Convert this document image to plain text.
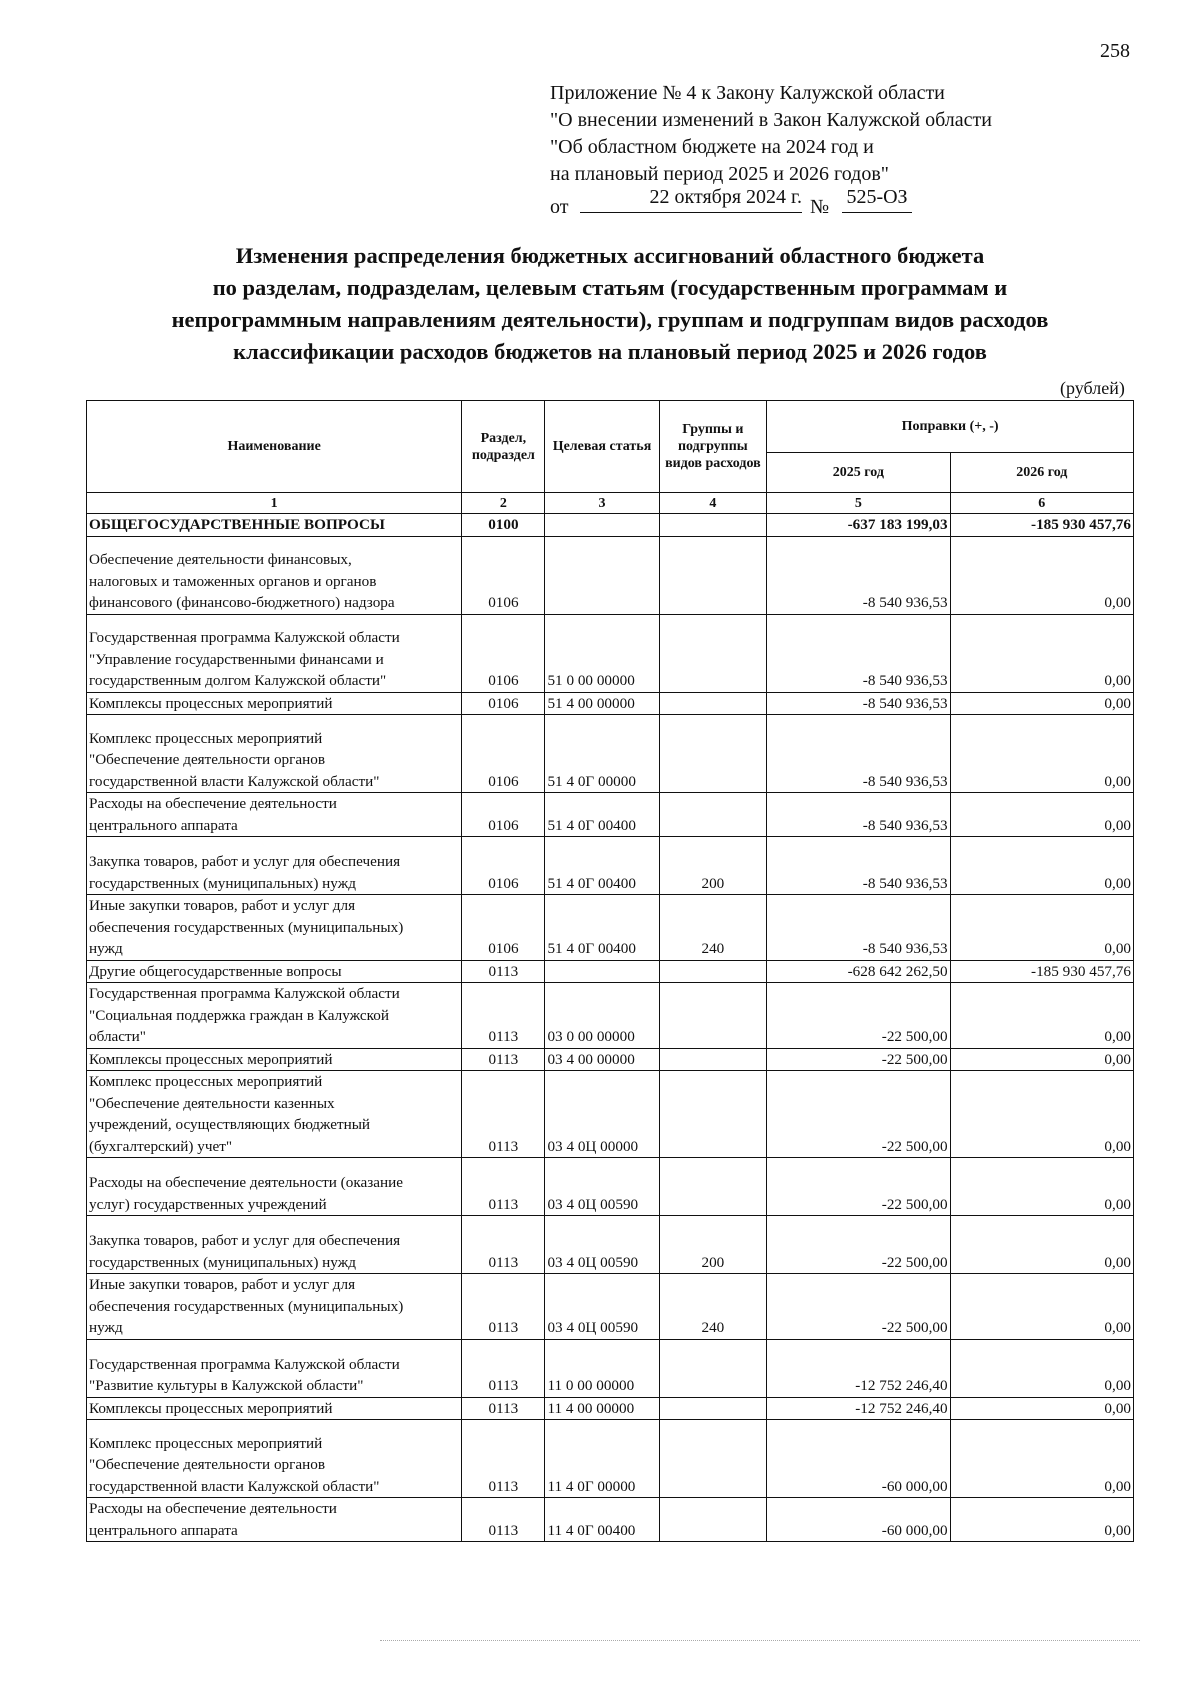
258
Приложение № 4 к Закону Калужской области
"О внесении изменений в Закон Калужской области
"Об областном бюджете на 2024 год и
на плановый период 2025 и 2026 годов"
от	22 октября 2024 г. № 525-ОЗ
Изменения распределения бюджетных ассигнований областного бюджета
по разделам, подразделам, целевым статьям (государственным программам и
непрограммным направлениям деятельности), группам и подгруппам видов расходов
классификации расходов бюджетов на плановый период 2025 и 2026 годов
(рублей)
Наименование	Раздел, подраздел	Целевая статья	Группы и подгруппы видов расходов	Поправки (+, -)	
				2025 год	2026 год
1	2	3	4	5	6
ОБЩЕГОСУДАРСТВЕННЫЕ ВОПРОСЫ	0100			-637 183 199,03	-185 930 457,76
Обеспечение деятельности финансовых,
налоговых и таможенных органов и органов
финансового (финансово-бюджетного) надзора	0106			-8 540 936,53	0,00
Государственная программа Калужской области
"Управление государственными финансами и
государственным долгом Калужской области"	0106	51 0 00 00000		-8 540 936,53	0,00
Комплексы процессных мероприятий	0106	51 4 00 00000		-8 540 936,53	0,00
Комплекс процессных мероприятий
"Обеспечение деятельности органов
государственной власти Калужской области"	0106	51 4 0Г 00000		-8 540 936,53	0,00
Расходы на обеспечение деятельности
центрального аппарата	0106	51 4 0Г 00400		-8 540 936,53	0,00
Закупка товаров, работ и услуг для обеспечения
государственных (муниципальных) нужд	0106	51 4 0Г 00400	200	-8 540 936,53	0,00
Иные закупки товаров, работ и услуг для
обеспечения государственных (муниципальных)
нужд	0106	51 4 0Г 00400	240	-8 540 936,53	0,00
Другие общегосударственные вопросы	0113			-628 642 262,50	-185 930 457,76
Государственная программа Калужской области
"Социальная поддержка граждан в Калужской
области"	0113	03 0 00 00000		-22 500,00	0,00
Комплексы процессных мероприятий	0113	03 4 00 00000		-22 500,00	0,00
Комплекс процессных мероприятий
"Обеспечение деятельности казенных
учреждений, осуществляющих бюджетный
(бухгалтерский) учет"	0113	03 4 0Ц 00000		-22 500,00	0,00
Расходы на обеспечение деятельности (оказание
услуг) государственных учреждений	0113	03 4 0Ц 00590		-22 500,00	0,00
Закупка товаров, работ и услуг для обеспечения
государственных (муниципальных) нужд	0113	03 4 0Ц 00590	200	-22 500,00	0,00
Иные закупки товаров, работ и услуг для
обеспечения государственных (муниципальных)
нужд	0113	03 4 0Ц 00590	240	-22 500,00	0,00
Государственная программа Калужской области
"Развитие культуры в Калужской области"	0113	11 0 00 00000		-12 752 246,40	0,00
Комплексы процессных мероприятий	0113	11 4 00 00000		-12 752 246,40	0,00
Комплекс процессных мероприятий
"Обеспечение деятельности органов
государственной власти Калужской области"	0113	11 4 0Г 00000		-60 000,00	0,00
Расходы на обеспечение деятельности
центрального аппарата	0113	11 4 0Г 00400		-60 000,00	0,00
